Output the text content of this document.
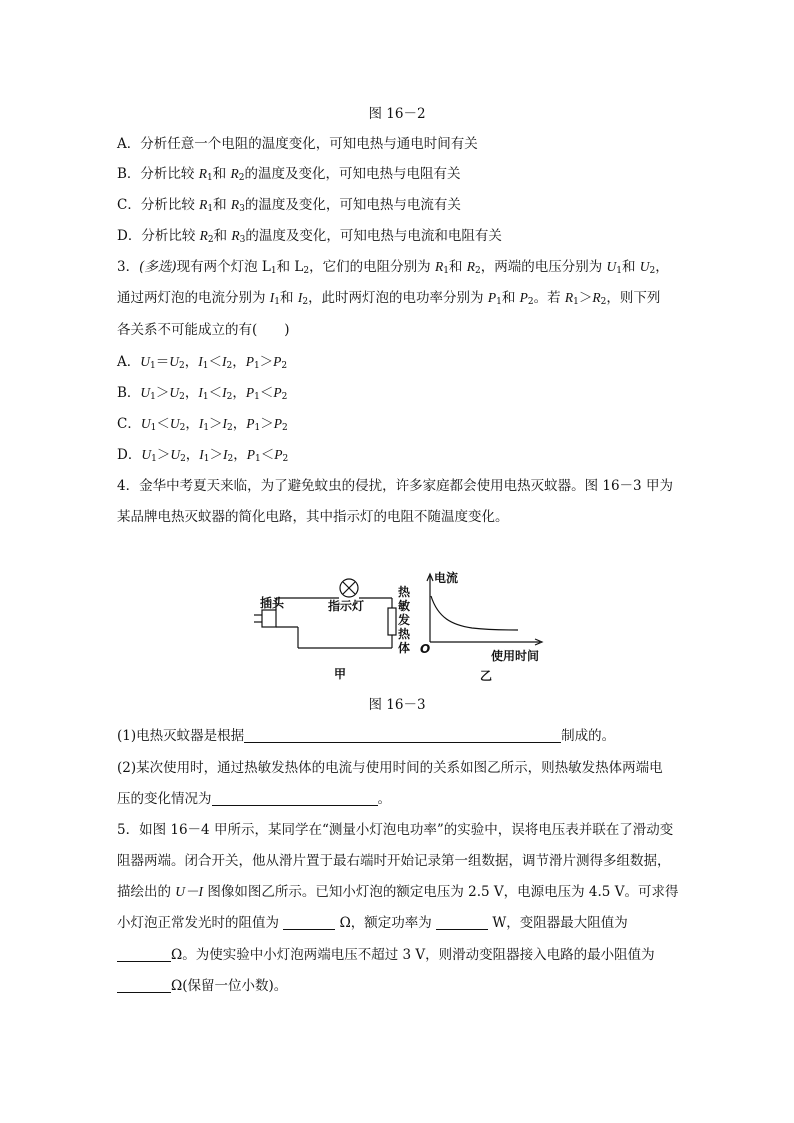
图 16－2
A．分析任意一个电阻的温度变化，可知电热与通电时间有关
B．分析比较 $R_1$和 $R_2$的温度及变化，可知电热与电阻有关
C．分析比较 $R_1$和 $R_3$的温度及变化，可知电热与电流有关
D．分析比较 $R_2$和 $R_3$的温度及变化，可知电热与电流和电阻有关
3．(多选)现有两个灯泡 $L_1$和 $L_2$，它们的电阻分别为 $R_1$和 $R_2$，两端的电压分别为 $U_1$和 $U_2$，
通过两灯泡的电流分别为 $I_1$和 $I_2$，此时两灯泡的电功率分别为 $P_1$和 $P_2$。若 $R_1>R_2$，则下列
各关系不可能成立的有(　　)
A．$U_1=U_2$，$I_1<I_2$，$P_1>P_2$
B．$U_1>U_2$，$I_1<I_2$，$P_1<P_2$
C．$U_1<U_2$，$I_1>I_2$，$P_1>P_2$
D．$U_1>U_2$，$I_1>I_2$，$P_1<P_2$
4．金华中考夏天来临，为了避免蚊虫的侵扰，许多家庭都会使用电热灭蚊器。图 16－3 甲为
某品牌电热灭蚊器的简化电路，其中指示灯的电阻不随温度变化。
插头	指示灯
热
敏
发
热
体
电流
使用时间
O
甲	乙
图 16－3
(1)电热灭蚊器是根据	制成的。
(2)某次使用时，通过热敏发热体的电流与使用时间的关系如图乙所示，则热敏发热体两端电
压的变化情况为	。
5．如图 16－4 甲所示，某同学在“测量小灯泡电功率”的实验中，误将电压表并联在了滑动变
阻器两端。闭合开关，他从滑片置于最右端时开始记录第一组数据，调节滑片测得多组数据，
描绘出的 U－I 图像如图乙所示。已知小灯泡的额定电压为 2.5 V，电源电压为 4.5 V。可求得
小灯泡正常发光时的阻值为	Ω，额定功率为	W，变阻器最大阻值为
Ω。为使实验中小灯泡两端电压不超过 3 V，则滑动变阻器接入电路的最小阻值为
Ω(保留一位小数)。
